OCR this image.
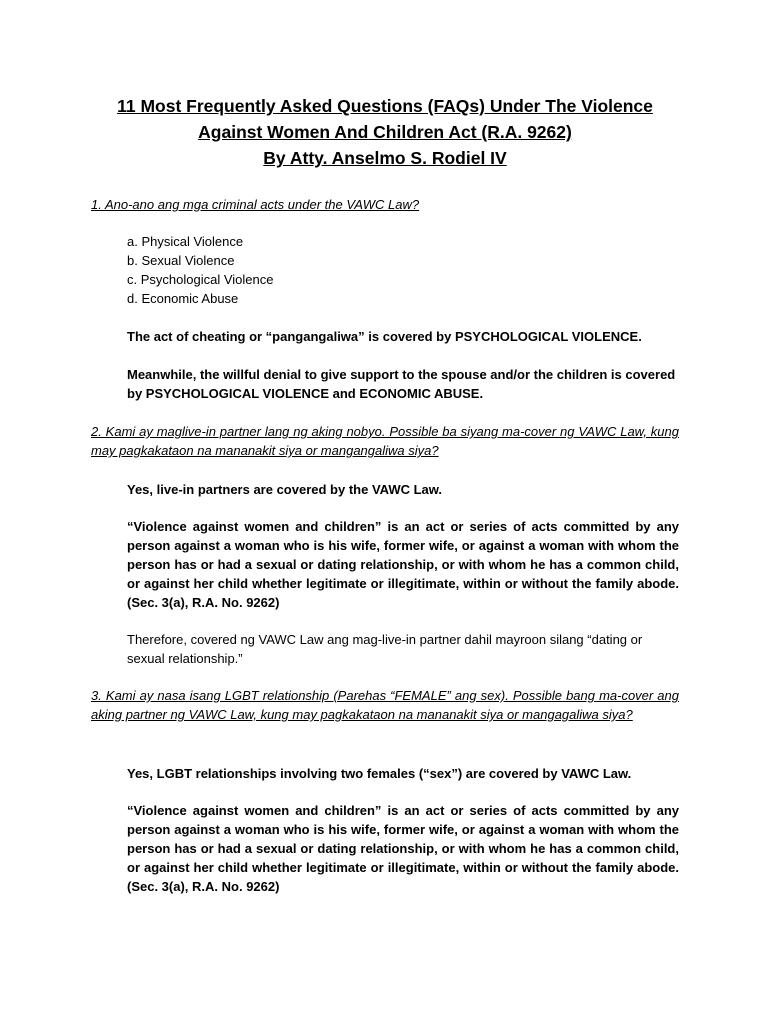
11 Most Frequently Asked Questions (FAQs) Under The Violence
Against Women And Children Act (R.A. 9262)
By Atty. Anselmo S. Rodiel IV
1. Ano-ano ang mga criminal acts under the VAWC Law?
a. Physical Violence
b. Sexual Violence
c. Psychological Violence
d. Economic Abuse
The act of cheating or “pangangaliwa” is covered by PSYCHOLOGICAL VIOLENCE.
Meanwhile, the willful denial to give support to the spouse and/or the children is covered by PSYCHOLOGICAL VIOLENCE and ECONOMIC ABUSE.
2. Kami ay maglive-in partner lang ng aking nobyo. Possible ba siyang ma-cover ng VAWC Law, kung may pagkakataon na mananakit siya or mangangaliwa siya?
Yes, live-in partners are covered by the VAWC Law.
“Violence against women and children” is an act or series of acts committed by any person against a woman who is his wife, former wife, or against a woman with whom the person has or had a sexual or dating relationship, or with whom he has a common child, or against her child whether legitimate or illegitimate, within or without the family abode. (Sec. 3(a), R.A. No. 9262)
Therefore, covered ng VAWC Law ang mag-live-in partner dahil mayroon silang “dating or sexual relationship.”
3. Kami ay nasa isang LGBT relationship (Parehas “FEMALE” ang sex). Possible bang ma-cover ang aking partner ng VAWC Law, kung may pagkakataon na mananakit siya or mangagaliwa siya?
Yes, LGBT relationships involving two females (“sex”) are covered by VAWC Law.
“Violence against women and children” is an act or series of acts committed by any person against a woman who is his wife, former wife, or against a woman with whom the person has or had a sexual or dating relationship, or with whom he has a common child, or against her child whether legitimate or illegitimate, within or without the family abode. (Sec. 3(a), R.A. No. 9262)
